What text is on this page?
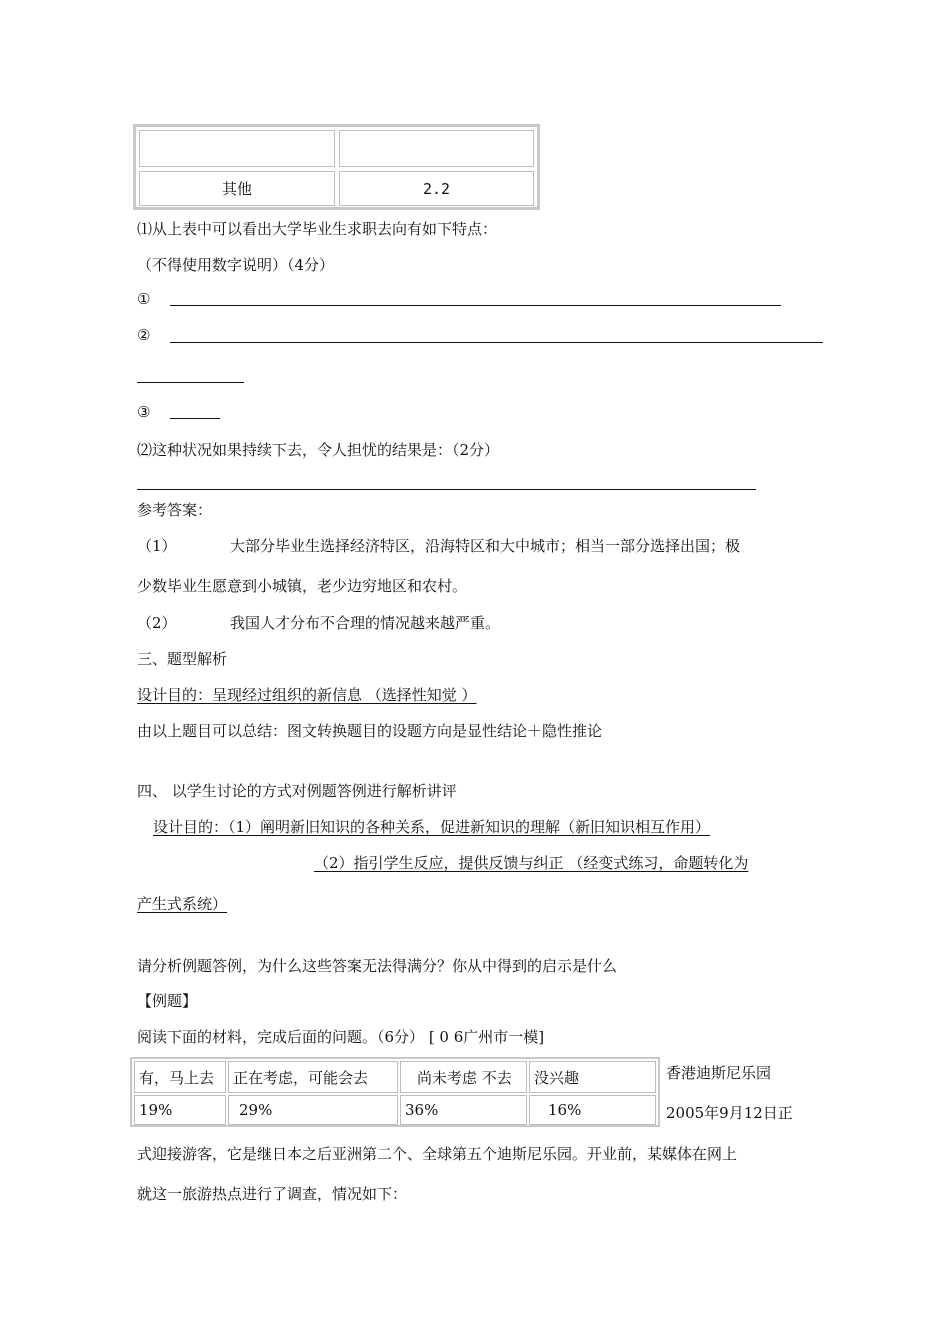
其他	2.2
⑴从上表中可以看出大学毕业生求职去向有如下特点：
（不得使用数字说明）（4分）
①
②
③
⑵这种状况如果持续下去，令人担忧的结果是：（2分）
参考答案：
（1）	大部分毕业生选择经济特区，沿海特区和大中城市；相当一部分选择出国；极
少数毕业生愿意到小城镇，老少边穷地区和农村。
（2）	我国人才分布不合理的情况越来越严重。
三、题型解析
设计目的：呈现经过组织的新信息 （选择性知觉 ）
由以上题目可以总结：图文转换题目的设题方向是显性结论＋隐性推论
四、 以学生讨论的方式对例题答例进行解析讲评
设计目的：（1）阐明新旧知识的各种关系，促进新知识的理解（新旧知识相互作用）
（2）指引学生反应，提供反馈与纠正 （经变式练习，命题转化为
产生式系统）
请分析例题答例，为什么这些答案无法得满分？你从中得到的启示是什么
【例题】
阅读下面的材料，完成后面的问题。（6分） [ 0 6广州市一模]
有，马上去	正在考虑，可能会去	尚未考虑 不去	没兴趣
19%	29%	36%	16%
香港迪斯尼乐园
2005年9月12日正
式迎接游客，它是继日本之后亚洲第二个、全球第五个迪斯尼乐园。开业前，某媒体在网上
就这一旅游热点进行了调查，情况如下：
